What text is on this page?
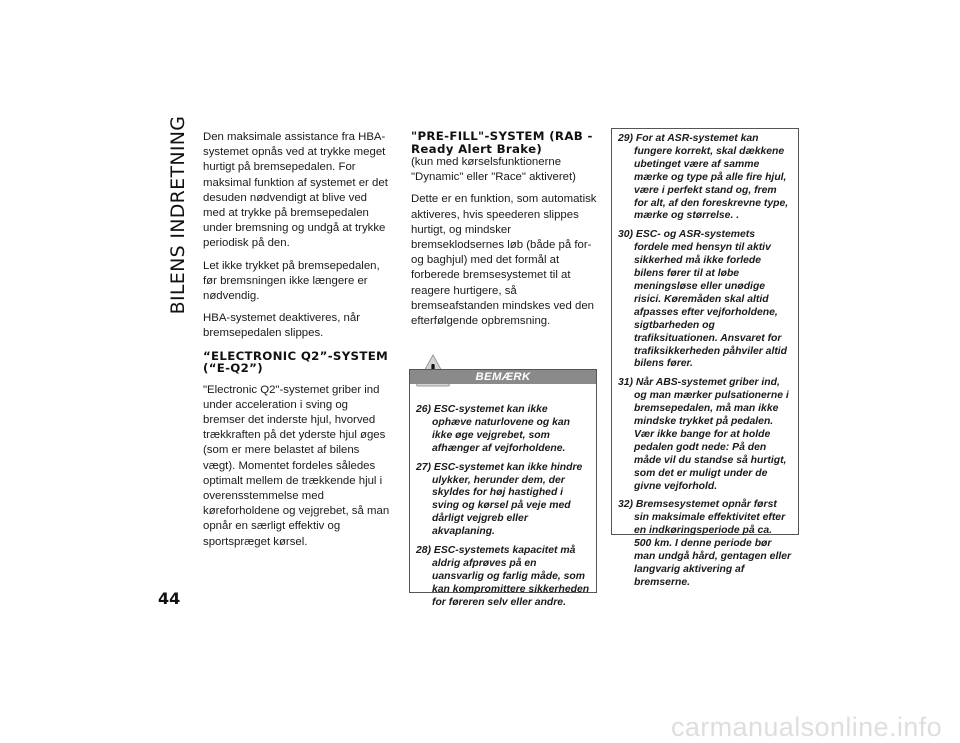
BILENS INDRETNING
44

Den maksimale assistance fra HBA-systemet opnås ved at trykke meget hurtigt på bremsepedalen. For maksimal funktion af systemet er det desuden nødvendigt at blive ved med at trykke på bremsepedalen under bremsning og undgå at trykke periodisk på den.

Let ikke trykket på bremsepedalen, før bremsningen ikke længere er nødvendig.

HBA-systemet deaktiveres, når bremsepedalen slippes.

“ELECTRONIC Q2”-SYSTEM (“E-Q2”)

"Electronic Q2"-systemet griber ind under acceleration i sving og bremser det inderste hjul, hvorved trækkraften på det yderste hjul øges (som er mere belastet af bilens vægt). Momentet fordeles således optimalt mellem de trækkende hjul i overensstemmelse med køreforholdene og vejgrebet, så man opnår en særligt effektiv og sportspræget kørsel.

"PRE-FILL"-SYSTEM (RAB - Ready Alert Brake)

(kun med kørselsfunktionerne "Dynamic" eller "Race" aktiveret)

Dette er en funktion, som automatisk aktiveres, hvis speederen slippes hurtigt, og mindsker bremseklodsernes løb (både på for- og baghjul) med det formål at forberede bremsesystemet til at reagere hurtigere, så bremseafstanden mindskes ved den efterfølgende opbremsning.

BEMÆRK
26) ESC-systemet kan ikke ophæve naturlovene og kan ikke øge vejgrebet, som afhænger af vejforholdene.
27) ESC-systemet kan ikke hindre ulykker, herunder dem, der skyldes for høj hastighed i sving og kørsel på veje med dårligt vejgreb eller akvaplaning.
28) ESC-systemets kapacitet må aldrig afprøves på en uansvarlig og farlig måde, som kan kompromittere sikkerheden for føreren selv eller andre.
29) For at ASR-systemet kan fungere korrekt, skal dækkene ubetinget være af samme mærke og type på alle fire hjul, være i perfekt stand og, frem for alt, af den foreskrevne type, mærke og størrelse. .
30) ESC- og ASR-systemets fordele med hensyn til aktiv sikkerhed må ikke forlede bilens fører til at løbe meningsløse eller unødige risici. Køremåden skal altid afpasses efter vejforholdene, sigtbarheden og trafiksituationen. Ansvaret for trafiksikkerheden påhviler altid bilens fører.
31) Når ABS-systemet griber ind, og man mærker pulsationerne i bremsepedalen, må man ikke mindske trykket på pedalen. Vær ikke bange for at holde pedalen godt nede: På den måde vil du standse så hurtigt, som det er muligt under de givne vejforhold.
32) Bremsesystemet opnår først sin maksimale effektivitet efter en indkøringsperiode på ca. 500 km. I denne periode bør man undgå hård, gentagen eller langvarig aktivering af bremserne.
carmanualsonline.info
